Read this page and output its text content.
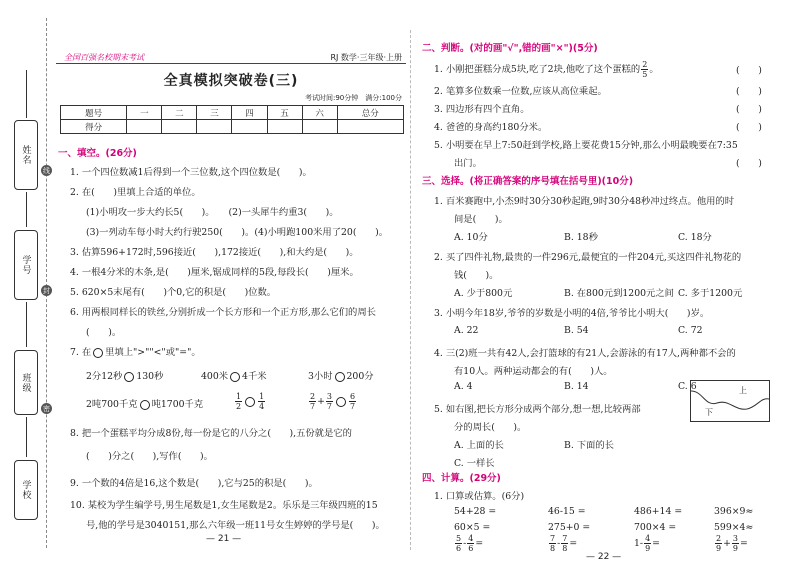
姓名
学号
班级
学校
线
封
密
全国百强名校期末考试	RJ 数学·三年级·上册
全真模拟突破卷(三)
考试时间:90分钟　满分:100分
题号	一	二	三	四	五	六	总分
得分							
一、填空。(26分)
1. 一个四位数减1后得到一个三位数,这个四位数是(　　)。
2. 在(　　)里填上合适的单位。
(1)小明攻一步大约长5(　　)。　　(2)一头犀牛约重3(　　)。
(3)一列动车每小时大约行驶250(　　)。(4)小明跑100米用了20(　　)。
3. 估算596+172时,596接近(　　),172接近(　　),和大约是(　　)。
4. 一根4分米的木条,是(　　)厘米,锯成同样的5段,每段长(　　)厘米。
5. 620×5末尾有(　　)个0,它的积是(　　)位数。
6. 用两根同样长的铁丝,分别折成一个长方形和一个正方形,那么它们的周长
(　　)。
7. 在 里填上">""<"或"="。
2分12秒 130秒	400米 4千米	3小时 200分
2吨700千克 吨1700千克	$\frac{1}{2} \frac{1}{4}$	$\frac{2}{7} + \frac{3}{7} \frac{6}{7}$
8. 把一个蛋糕平均分成8份,每一份是它的八分之(　　),五份就是它的
(　　)分之(　　),写作(　　)。
9. 一个数的4倍是16,这个数是(　　),它与25的积是(　　)。
10. 某校为学生编学号,男生尾数是1,女生尾数是2。乐乐是三年级四班的15
号,他的学号是3040151,那么六年级一班11号女生婷婷的学号是(　　)。
— 21 —
二、判断。(对的画"√",错的画"×")(5分)
1. 小刚把蛋糕分成5块,吃了2块,他吃了这个蛋糕的 $\frac{2}{5}$ 。	(　　)
2. 笔算多位数乘一位数,应该从高位乘起。	(　　)
3. 四边形有四个直角。	(　　)
4. 爸爸的身高约180分米。	(　　)
5. 小明要在早上7:50赶到学校,路上要花费15分钟,那么小明最晚要在7:35
出门。	(　　)
三、选择。(将正确答案的序号填在括号里)(10分)
1. 百米赛跑中,小杰9时30分30秒起跑,9时30分48秒冲过终点。他用的时
间是(　　)。
A. 10分	B. 18秒	C. 18分
2. 买了四件礼物,最贵的一件296元,最便宜的一件204元,买这四件礼物花的
钱(　　)。
A. 少于800元	B. 在800元到1200元之间 C. 多于1200元
3. 小明今年18岁,爷爷的岁数是小明的4倍,爷爷比小明大(　　)岁。
A. 22	B. 54	C. 72
4. 三(2)班一共有42人,会打篮球的有21人,会游泳的有17人,两种都不会的
有10人。两种运动都会的有(　　)人。
A. 4	B. 14	C. 6
5. 如右图,把长方形分成两个部分,想一想,比较两部
分的周长(　　)。
A. 上面的长	B. 下面的长
C. 一样长
上
下
四、计算。(29分)
1. 口算或估算。(6分)
54+28 =	46-15 =	486+14 =	396×9≈
60×5 =	275+0 =	700×4 =	599×4≈
$\frac{5}{6} - \frac{4}{6}$ =	$\frac{7}{8} - \frac{7}{8}$ =	$1- \frac{4}{9}$ =	$\frac{2}{9} + \frac{3}{9}$ =
— 22 —
